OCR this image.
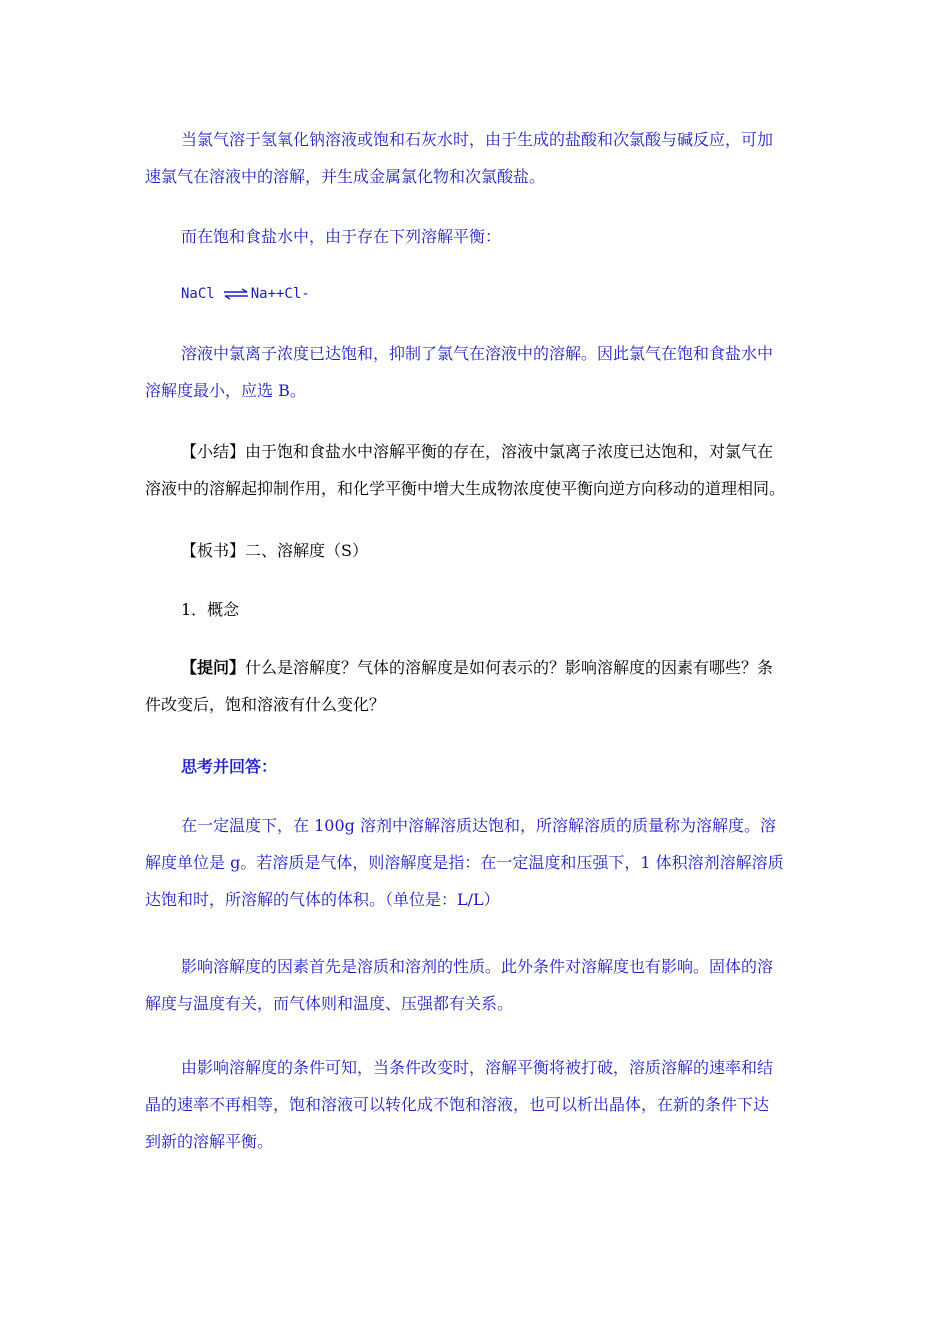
当氯气溶于氢氧化钠溶液或饱和石灰水时，由于生成的盐酸和次氯酸与碱反应，可加
速氯气在溶液中的溶解，并生成金属氯化物和次氯酸盐。

而在饱和食盐水中，由于存在下列溶解平衡：

NaCl ⇌ Na++Cl-

溶液中氯离子浓度已达饱和，抑制了氯气在溶液中的溶解。因此氯气在饱和食盐水中
溶解度最小，应选 B。

【小结】由于饱和食盐水中溶解平衡的存在，溶液中氯离子浓度已达饱和，对氯气在
溶液中的溶解起抑制作用，和化学平衡中增大生成物浓度使平衡向逆方向移动的道理相同。

【板书】二、溶解度（S）

1．概念

【提问】什么是溶解度？气体的溶解度是如何表示的？影响溶解度的因素有哪些？条
件改变后，饱和溶液有什么变化？

思考并回答：

在一定温度下，在 100g 溶剂中溶解溶质达饱和，所溶解溶质的质量称为溶解度。溶
解度单位是 g。若溶质是气体，则溶解度是指：在一定温度和压强下，1 体积溶剂溶解溶质
达饱和时，所溶解的气体的体积。（单位是：L/L）

影响溶解度的因素首先是溶质和溶剂的性质。此外条件对溶解度也有影响。固体的溶
解度与温度有关，而气体则和温度、压强都有关系。

由影响溶解度的条件可知，当条件改变时，溶解平衡将被打破，溶质溶解的速率和结
晶的速率不再相等，饱和溶液可以转化成不饱和溶液，也可以析出晶体，在新的条件下达
到新的溶解平衡。
